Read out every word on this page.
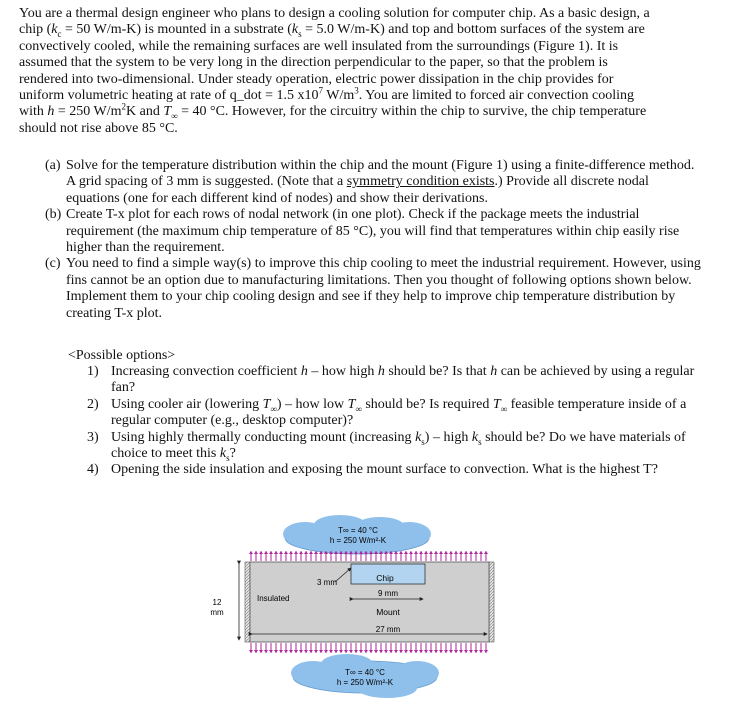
You are a thermal design engineer who plans to design a cooling solution for computer chip. As a basic design, a

chip ($k_c = 50$ W/m-K) is mounted in a substrate ($k_s = 5.0$ W/m-K) and top and bottom surfaces of the system are

convectively cooled, while the remaining surfaces are well insulated from the surroundings (Figure 1). It is

assumed that the system to be very long in the direction perpendicular to the paper, so that the problem is

rendered into two-dimensional. Under steady operation, electric power dissipation in the chip provides for

uniform volumetric heating at rate of q_dot = 1.5 $x10^7$ $W/m^3$. You are limited to forced air convection cooling

with h = 250 $W/m^2K$ and $T_\infty = 40$ °C. However, for the circuitry within the chip to survive, the chip temperature

should not rise above 85 °C.

(a) Solve for the temperature distribution within the chip and the mount (Figure 1) using a finite-difference method. A grid spacing of 3 mm is suggested. (Note that a symmetry condition exists.) Provide all discrete nodal equations (one for each different kind of nodes) and show their derivations.
(b) Create T-x plot for each rows of nodal network (in one plot). Check if the package meets the industrial requirement (the maximum chip temperature of 85 °C), you will find that temperatures within chip easily rise higher than the requirement.
(c) You need to find a simple way(s) to improve this chip cooling to meet the industrial requirement. However, using fins cannot be an option due to manufacturing limitations. Then you thought of following options shown below. Implement them to your chip cooling design and see if they help to improve chip temperature distribution by creating T-x plot.
<Possible options>
1) Increasing convection coefficient h – how high h should be? Is that h can be achieved by using a regular fan?
2) Using cooler air (lowering $T_\infty$) – how low $T_\infty$ should be? Is required $T_\infty$ feasible temperature inside of a regular computer (e.g., desktop computer)?
3) Using highly thermally conducting mount (increasing $k_s$) – high $k_s$ should be? Do we have materials of choice to meet this $k_s$?
4) Opening the side insulation and exposing the mount surface to convection. What is the highest T?
T∞ = 40 °C
h = 250 W/m²-K
3 mm	Chip
9 mm
Insulated
Mount
27 mm
12
mm
T∞ = 40 °C
h = 250 W/m²-K
